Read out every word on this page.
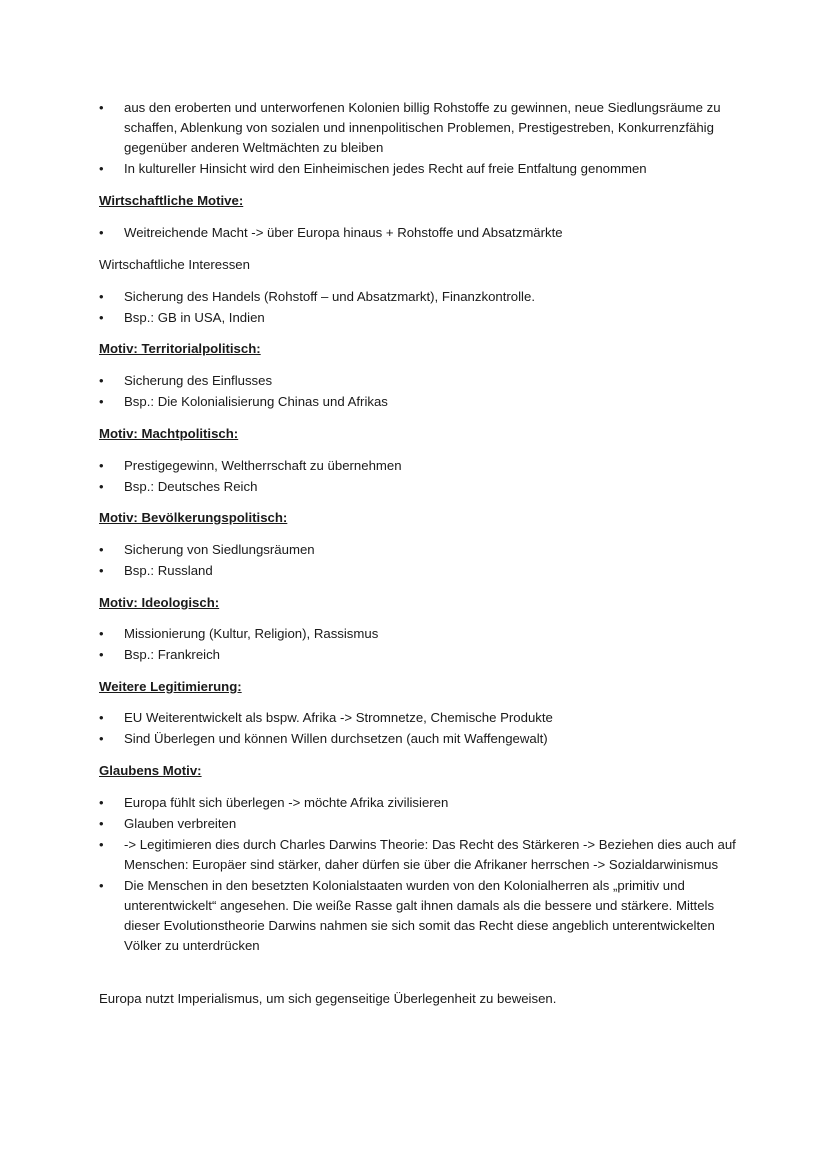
•	aus den eroberten und unterworfenen Kolonien billig Rohstoffe zu gewinnen, neue Siedlungsräume zu schaffen, Ablenkung von sozialen und innenpolitischen Problemen, Prestigestreben, Konkurrenzfähig gegenüber anderen Weltmächten zu bleiben
•	In kultureller Hinsicht wird den Einheimischen jedes Recht auf freie Entfaltung genommen

Wirtschaftliche Motive:

•	Weitreichende Macht -> über Europa hinaus + Rohstoffe und Absatzmärkte

Wirtschaftliche Interessen

•	Sicherung des Handels (Rohstoff – und Absatzmarkt), Finanzkontrolle.
•	Bsp.: GB in USA, Indien

Motiv: Territorialpolitisch:

•	Sicherung des Einflusses
•	Bsp.: Die Kolonialisierung Chinas und Afrikas

Motiv: Machtpolitisch:

•	Prestigegewinn, Weltherrschaft zu übernehmen
•	Bsp.: Deutsches Reich

Motiv: Bevölkerungspolitisch:

•	Sicherung von Siedlungsräumen
•	Bsp.: Russland

Motiv: Ideologisch:

•	Missionierung (Kultur, Religion), Rassismus
•	Bsp.: Frankreich

Weitere Legitimierung:

•	EU Weiterentwickelt als bspw. Afrika -> Stromnetze, Chemische Produkte
•	Sind Überlegen und können Willen durchsetzen (auch mit Waffengewalt)

Glaubens Motiv:

•	Europa fühlt sich überlegen -> möchte Afrika zivilisieren
•	Glauben verbreiten
•	-> Legitimieren dies durch Charles Darwins Theorie: Das Recht des Stärkeren -> Beziehen dies auch auf Menschen: Europäer sind stärker, daher dürfen sie über die Afrikaner herrschen -> Sozialdarwinismus
•	Die Menschen in den besetzten Kolonialstaaten wurden von den Kolonialherren als „primitiv und unterentwickelt“ angesehen. Die weiße Rasse galt ihnen damals als die bessere und stärkere. Mittels dieser Evolutionstheorie Darwins nahmen sie sich somit das Recht diese angeblich unterentwickelten Völker zu unterdrücken

Europa nutzt Imperialismus, um sich gegenseitige Überlegenheit zu beweisen.
